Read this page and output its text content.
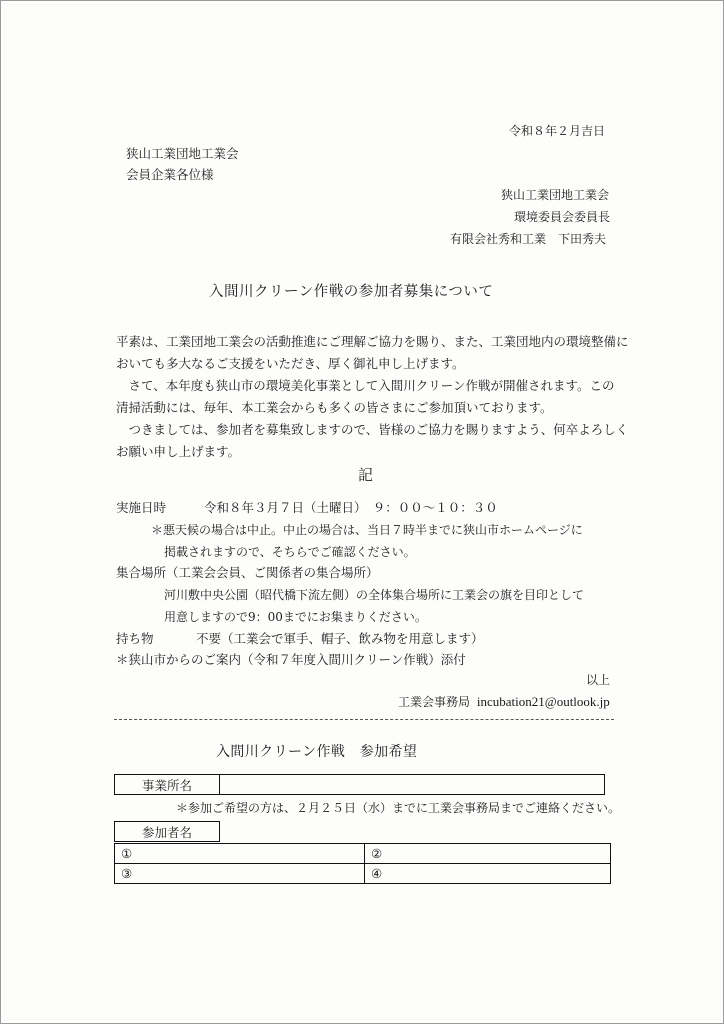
令和８年２月吉日
狭山工業団地工業会
会員企業各位様
狭山工業団地工業会
環境委員会委員長
有限会社秀和工業　下田秀夫
入間川クリーン作戦の参加者募集について

平素は、工業団地工業会の活動推進にご理解ご協力を賜り、また、工業団地内の環境整備に

おいても多大なるご支援をいただき、厚く御礼申し上げます。

　さて、本年度も狭山市の環境美化事業として入間川クリーン作戦が開催されます。この

清掃活動には、毎年、本工業会からも多くの皆さまにご参加頂いております。

　つきましては、参加者を募集致しますので、皆様のご協力を賜りますよう、何卒よろしく

お願い申し上げます。

記
実施日時	令和８年３月７日（土曜日）　９：００～１０：３０
＊悪天候の場合は中止。中止の場合は、当日７時半までに狭山市ホームページに
掲載されますので、そちらでご確認ください。
集合場所（工業会会員、ご関係者の集合場所）
河川敷中央公園（昭代橋下流左側）の全体集合場所に工業会の旗を目印として
用意しますので9：00までにお集まりください。
持ち物	不要（工業会で軍手、帽子、飲み物を用意します）
＊狭山市からのご案内（令和７年度入間川クリーン作戦）添付
以上
工業会事務局 incubation21@outlook.jp
入間川クリーン作戦　参加希望
事業所名	
＊参加ご希望の方は、２月２５日（水）までに工業会事務局までご連絡ください。
参加者名
①	②
③	④
